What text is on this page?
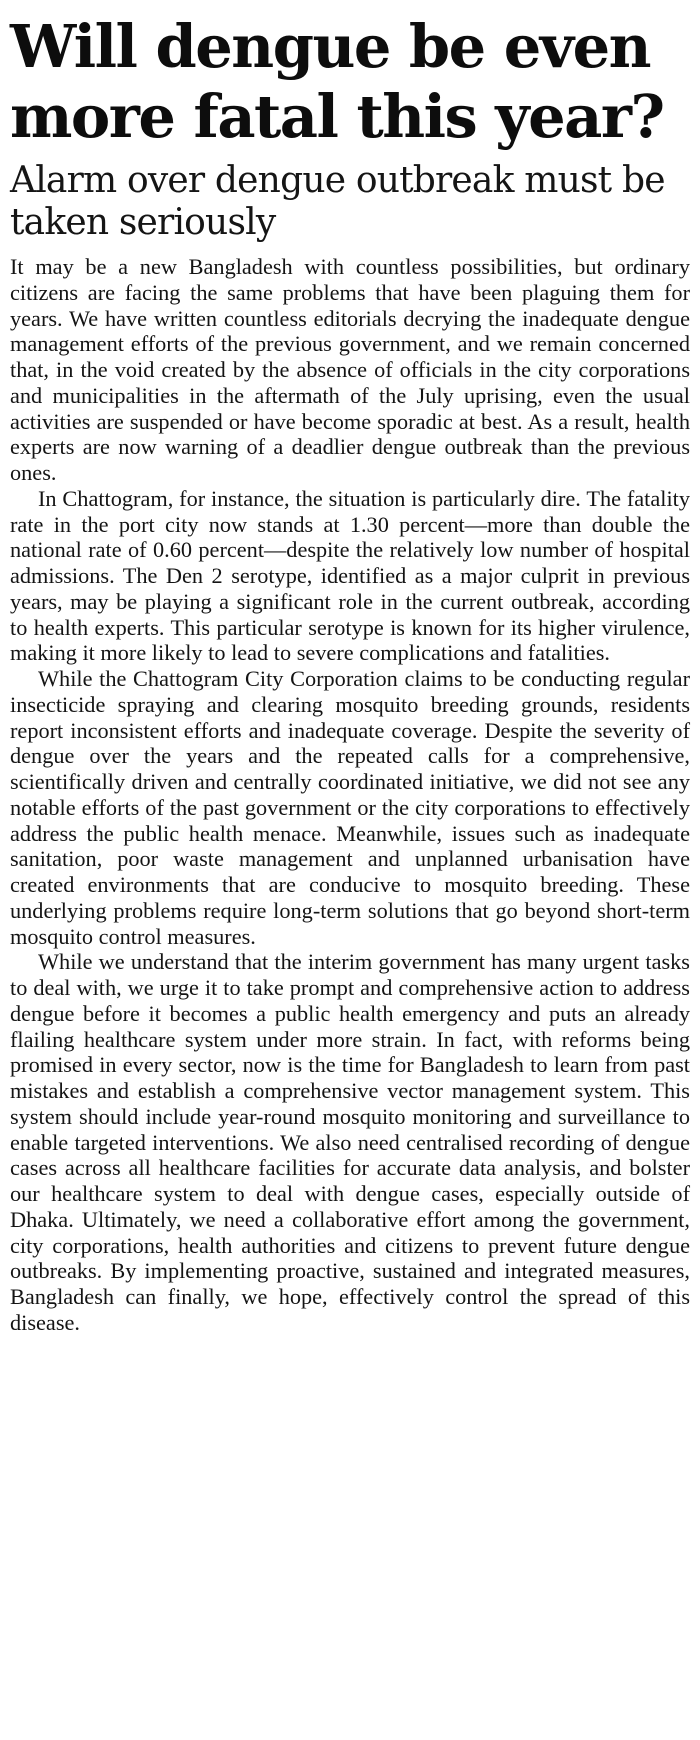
Will dengue be even more fatal this year?
Alarm over dengue outbreak must be taken seriously

It may be a new Bangladesh with countless possibilities, but ordinary citizens are facing the same problems that have been plaguing them for years. We have written countless editorials decrying the inadequate dengue management efforts of the previous government, and we remain concerned that, in the void created by the absence of officials in the city corporations and municipalities in the aftermath of the July uprising, even the usual activities are suspended or have become sporadic at best. As a result, health experts are now warning of a deadlier dengue outbreak than the previous ones.

In Chattogram, for instance, the situation is particularly dire. The fatality rate in the port city now stands at 1.30 percent—more than double the national rate of 0.60 percent—despite the relatively low number of hospital admissions. The Den 2 serotype, identified as a major culprit in previous years, may be playing a significant role in the current outbreak, according to health experts. This particular serotype is known for its higher virulence, making it more likely to lead to severe complications and fatalities.

While the Chattogram City Corporation claims to be conducting regular insecticide spraying and clearing mosquito breeding grounds, residents report inconsistent efforts and inadequate coverage. Despite the severity of dengue over the years and the repeated calls for a comprehensive, scientifically driven and centrally coordinated initiative, we did not see any notable efforts of the past government or the city corporations to effectively address the public health menace. Meanwhile, issues such as inadequate sanitation, poor waste management and unplanned urbanisation have created environments that are conducive to mosquito breeding. These underlying problems require long-term solutions that go beyond short-term mosquito control measures.

While we understand that the interim government has many urgent tasks to deal with, we urge it to take prompt and comprehensive action to address dengue before it becomes a public health emergency and puts an already flailing healthcare system under more strain. In fact, with reforms being promised in every sector, now is the time for Bangladesh to learn from past mistakes and establish a comprehensive vector management system. This system should include year-round mosquito monitoring and surveillance to enable targeted interventions. We also need centralised recording of dengue cases across all healthcare facilities for accurate data analysis, and bolster our healthcare system to deal with dengue cases, especially outside of Dhaka. Ultimately, we need a collaborative effort among the government, city corporations, health authorities and citizens to prevent future dengue outbreaks. By implementing proactive, sustained and integrated measures, Bangladesh can finally, we hope, effectively control the spread of this disease.
